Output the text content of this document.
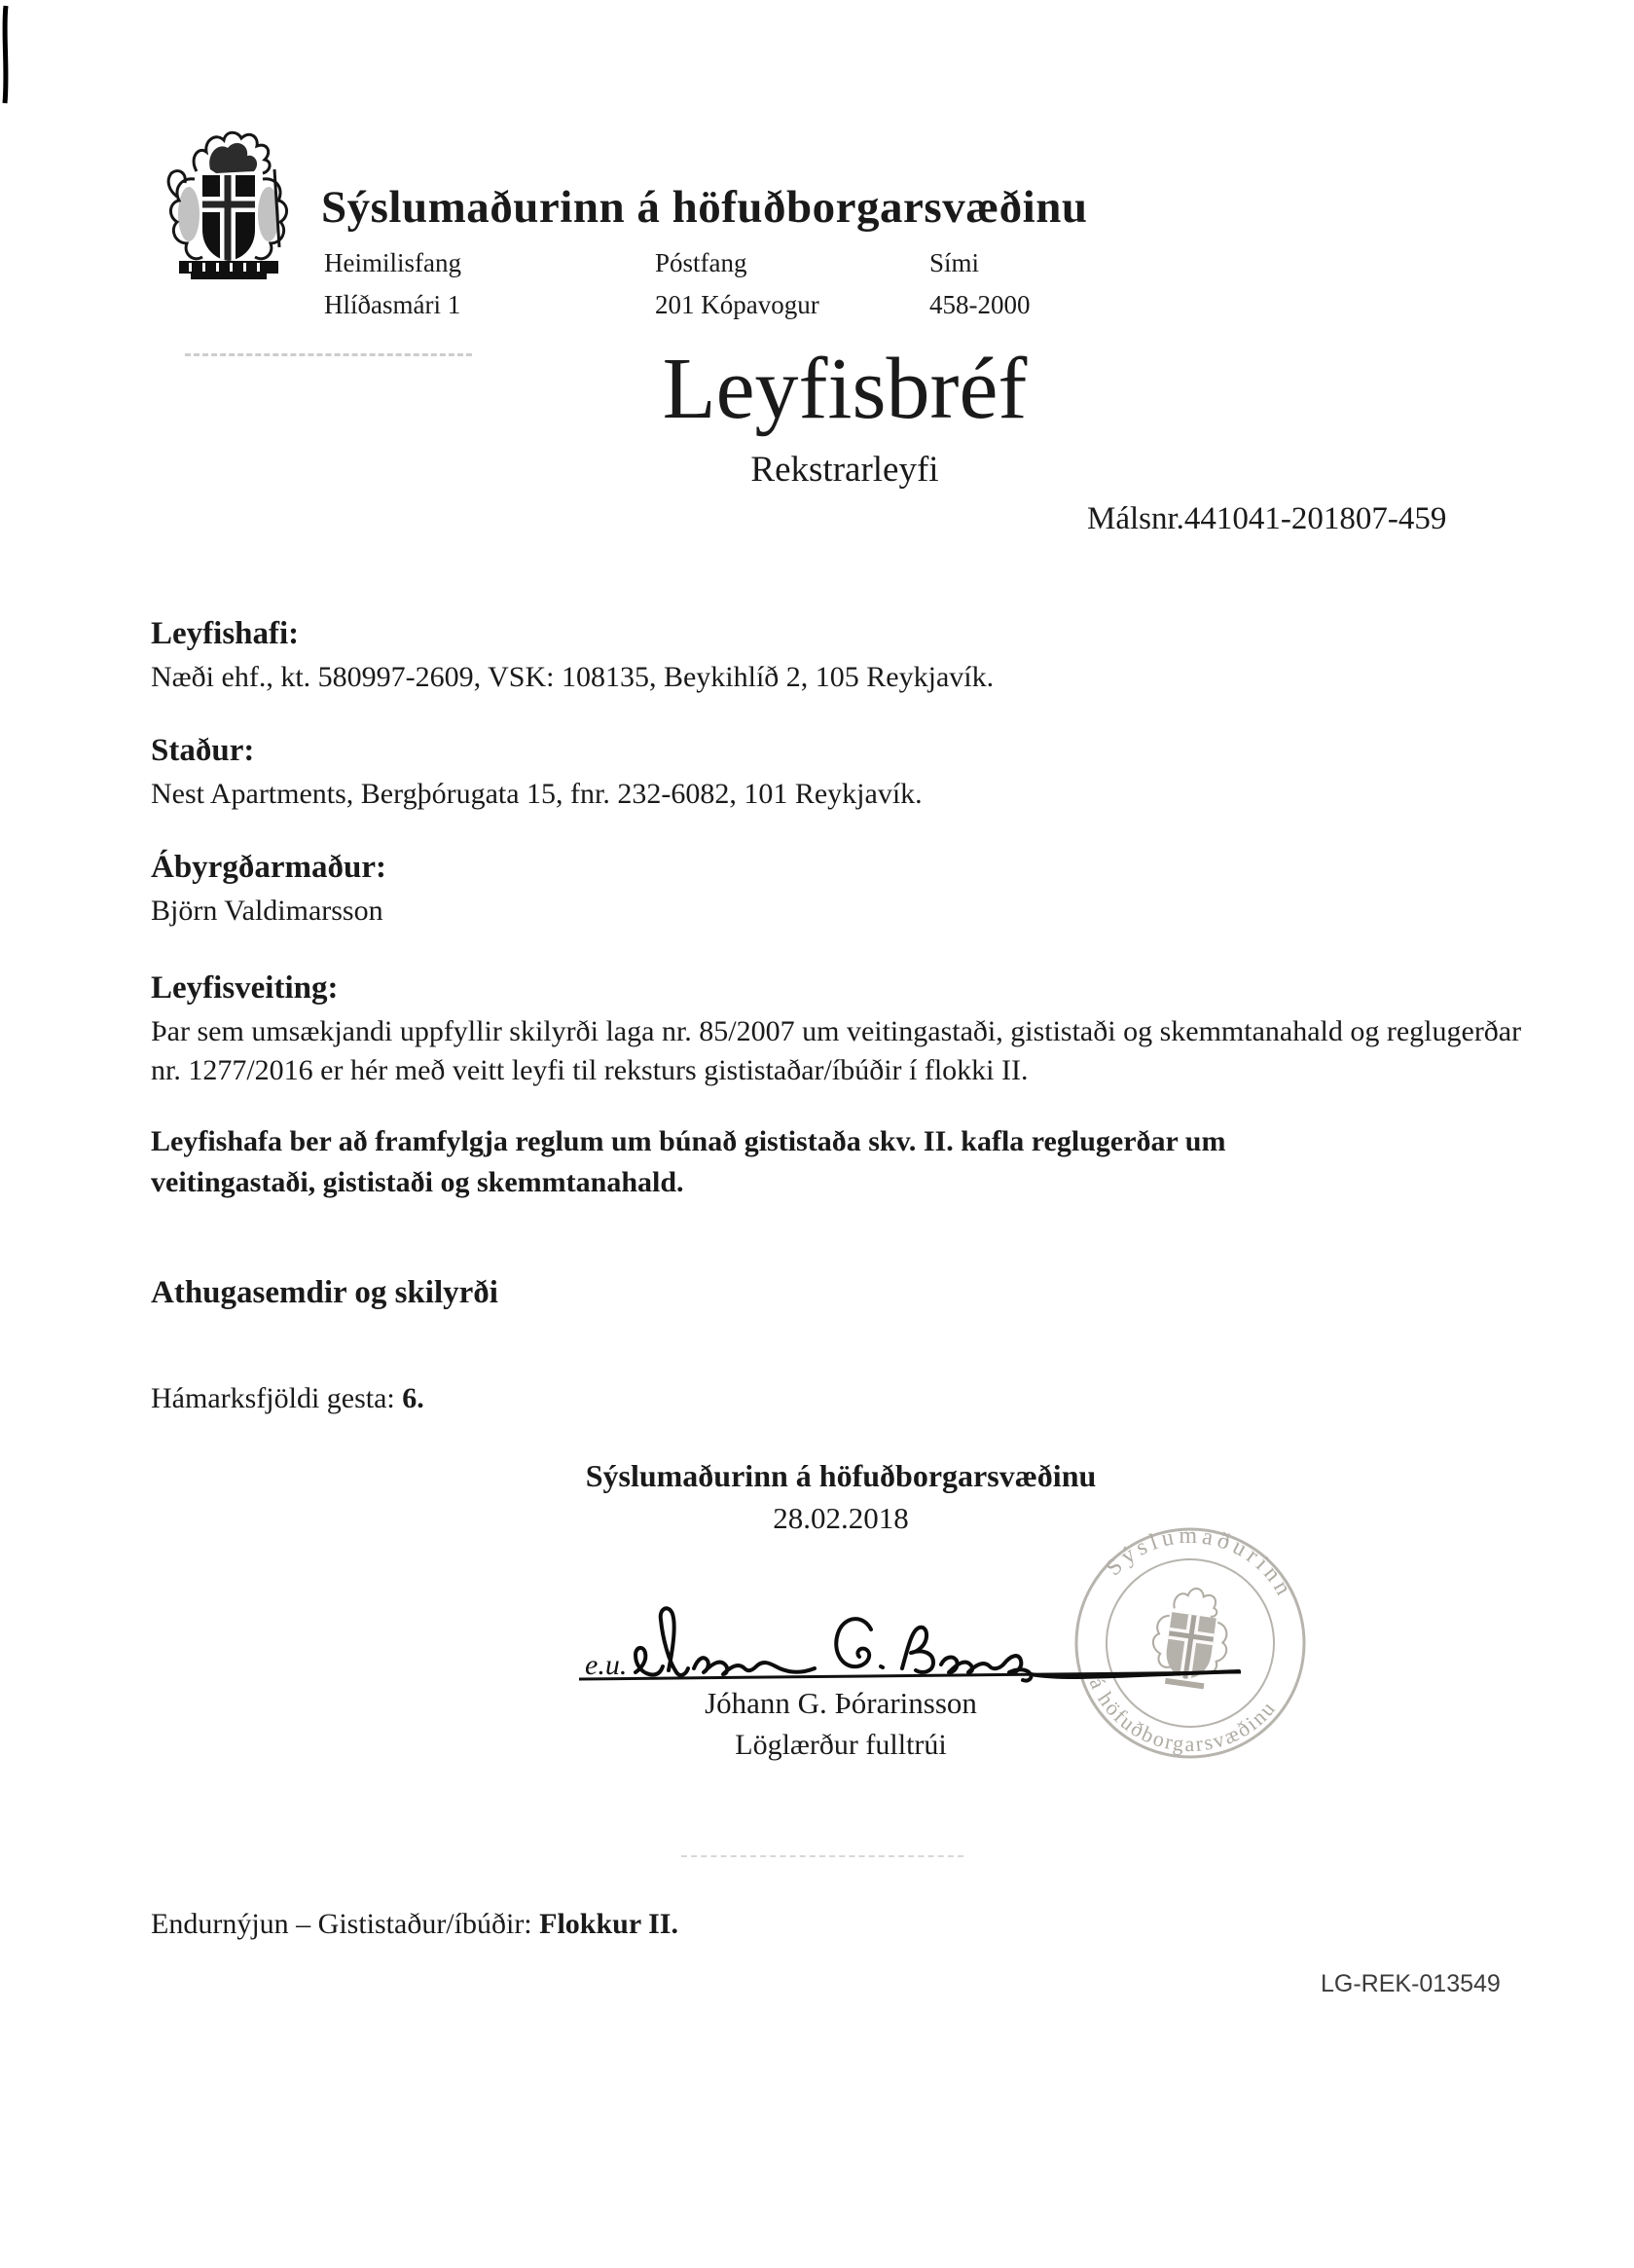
Sýslumaðurinn á höfuðborgarsvæðinu
Heimilisfang	Póstfang	Sími
Hlíðasmári 1	201 Kópavogur	458-2000
Leyfisbréf
Rekstrarleyfi
Málsnr.441041-201807-459
Leyfishafi:
Næði ehf., kt. 580997-2609, VSK: 108135, Beykihlíð 2, 105 Reykjavík.
Staður:
Nest Apartments, Bergþórugata 15, fnr. 232-6082, 101 Reykjavík.
Ábyrgðarmaður:
Björn Valdimarsson
Leyfisveiting:
Þar sem umsækjandi uppfyllir skilyrði laga nr. 85/2007 um veitingastaði, gististaði og skemmtanahald og reglugerðar nr. 1277/2016 er hér með veitt leyfi til reksturs gististaðar/íbúðir í flokki II.
Leyfishafa ber að framfylgja reglum um búnað gististaða skv. II. kafla reglugerðar um veitingastaði, gististaði og skemmtanahald.
Athugasemdir og skilyrði
Hámarksfjöldi gesta: 6.
Sýslumaðurinn á höfuðborgarsvæðinu
28.02.2018
Sýslumaðurinn
á höfuðborgarsvæðinu
e.u.
Jóhann G. Þórarinsson
Löglærður fulltrúi
Endurnýjun – Gististaður/íbúðir: Flokkur II.
LG-REK-013549
